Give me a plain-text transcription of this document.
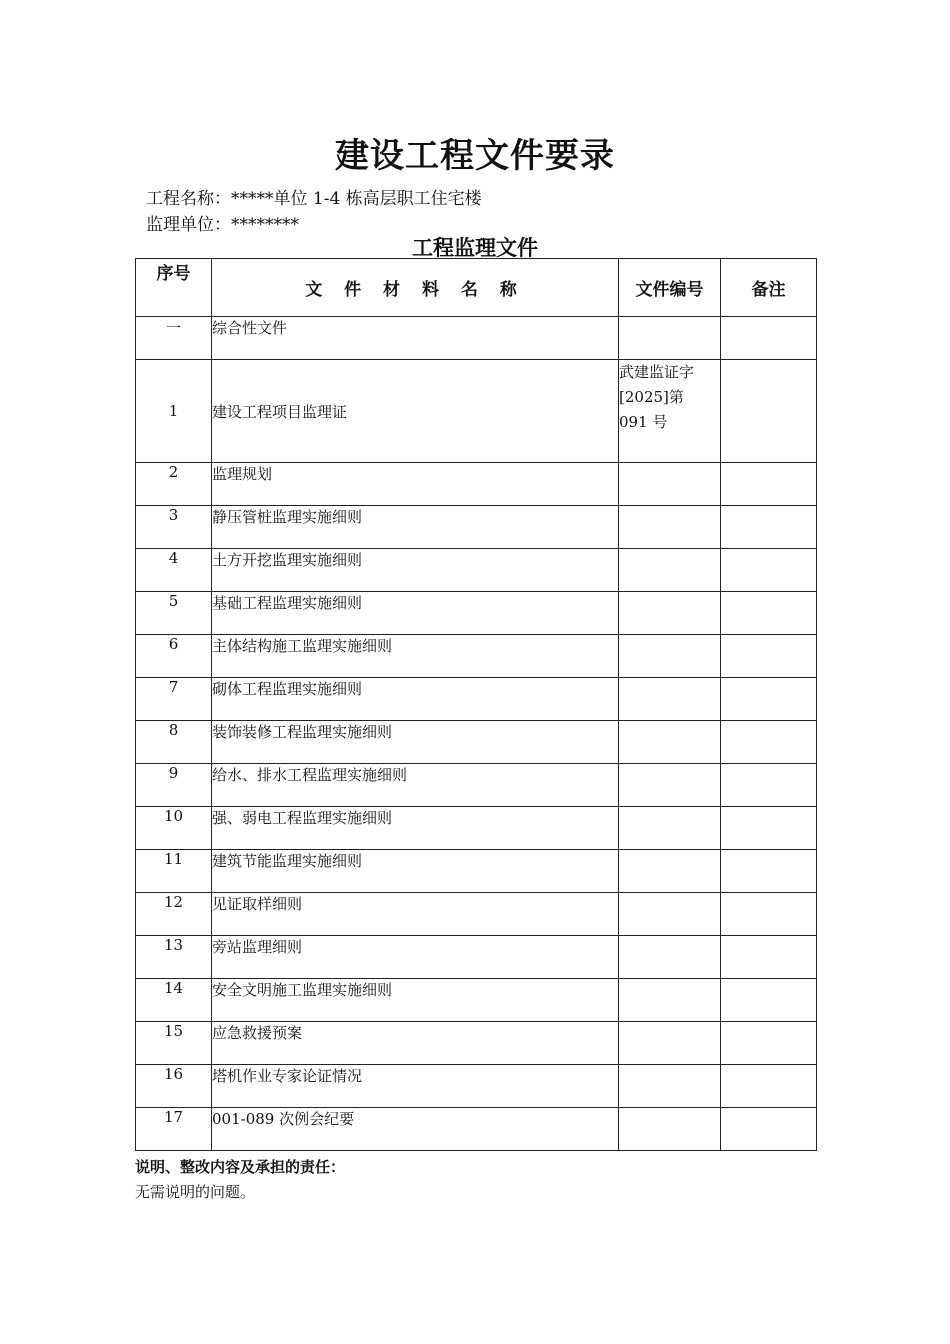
建设工程文件要录
工程名称：*****单位 1-4 栋高层职工住宅楼
监理单位：********
工程监理文件
序号	文 件 材 料 名 称	文件编号	备注
一	综合性文件		
1	建设工程项目监理证	武建监证字
[2025]第
091 号	

2	监理规划		
3	静压管桩监理实施细则		
4	土方开挖监理实施细则		
5	基础工程监理实施细则		
6	主体结构施工监理实施细则		
7	砌体工程监理实施细则		
8	装饰装修工程监理实施细则		
9	给水、排水工程监理实施细则		
10	强、弱电工程监理实施细则		
11	建筑节能监理实施细则		
12	见证取样细则		
13	旁站监理细则		
14	安全文明施工监理实施细则		
15	应急救援预案		
16	塔机作业专家论证情况		
17	001-089 次例会纪要		
说明、整改内容及承担的责任：
无需说明的问题。
